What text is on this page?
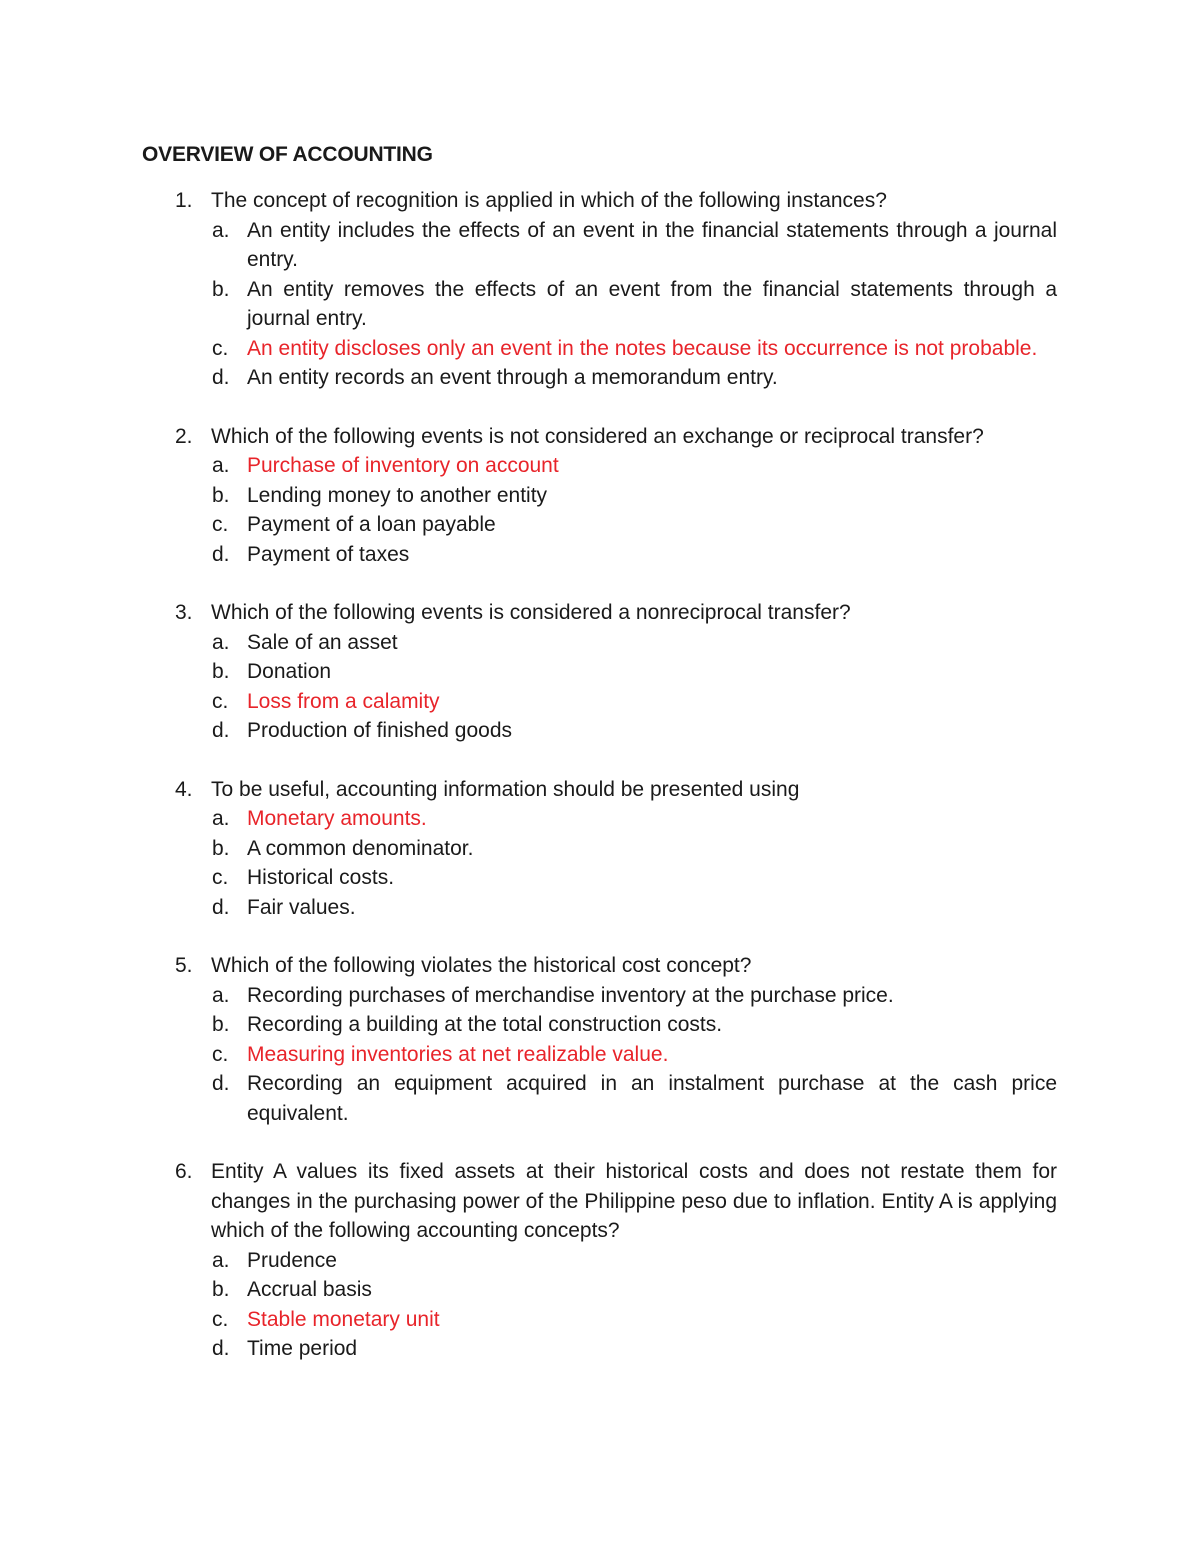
OVERVIEW OF ACCOUNTING
1. The concept of recognition is applied in which of the following instances?
a. An entity includes the effects of an event in the financial statements through a journal entry.
b. An entity removes the effects of an event from the financial statements through a journal entry.
c. An entity discloses only an event in the notes because its occurrence is not probable.
d. An entity records an event through a memorandum entry.
2. Which of the following events is not considered an exchange or reciprocal transfer?
a. Purchase of inventory on account
b. Lending money to another entity
c. Payment of a loan payable
d. Payment of taxes
3. Which of the following events is considered a nonreciprocal transfer?
a. Sale of an asset
b. Donation
c. Loss from a calamity
d. Production of finished goods
4. To be useful, accounting information should be presented using
a. Monetary amounts.
b. A common denominator.
c. Historical costs.
d. Fair values.
5. Which of the following violates the historical cost concept?
a. Recording purchases of merchandise inventory at the purchase price.
b. Recording a building at the total construction costs.
c. Measuring inventories at net realizable value.
d. Recording an equipment acquired in an instalment purchase at the cash price equivalent.
6. Entity A values its fixed assets at their historical costs and does not restate them for changes in the purchasing power of the Philippine peso due to inflation. Entity A is applying which of the following accounting concepts?
a. Prudence
b. Accrual basis
c. Stable monetary unit
d. Time period
